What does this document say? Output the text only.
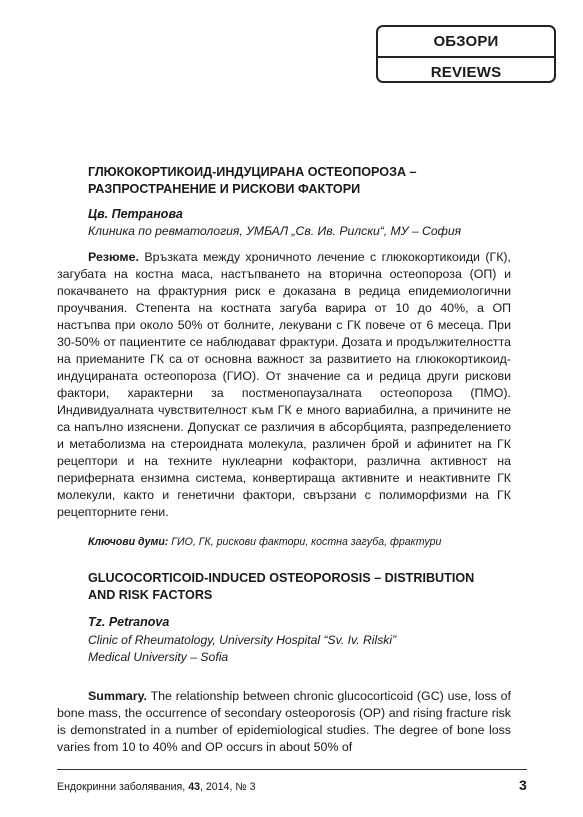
ОБЗОРИ
REVIEWS
ГЛЮКОКОРТИКОИД-ИНДУЦИРАНА ОСТЕОПОРОЗА –
РАЗПРОСТРАНЕНИЕ И РИСКОВИ ФАКТОРИ
Цв. Петранова
Клиника по ревматология, УМБАЛ „Св. Ив. Рилски“, МУ – София
Резюме. Връзката между хроничното лечение с глюкокортикоиди (ГК), загубата на костна маса, настъпването на вторична остеопороза (ОП) и покачването на фрактурния риск е доказана в редица епидемиологични проучвания. Степента на костната загуба варира от 10 до 40%, а ОП настъпва при около 50% от болните, лекувани с ГК повече от 6 месеца. При 30-50% от пациентите се наблюдават фрактури. Дозата и продължителността на приеманите ГК са от основна важност за развитието на глюкокортикоид-индуцираната остеопороза (ГИО). От значение са и редица други рискови фактори, характерни за постменопаузалната остеопороза (ПМО). Индивидуалната чувствителност към ГК е много вариабилна, а причините не са напълно изяснени. Допускат се различия в абсорбцията, разпределението и метаболизма на стероидната молекула, различен брой и афинитет на ГК рецептори и на техните нуклеарни кофактори, различна активност на периферната ензимна система, конвертираща активните и неактивните ГК молекули, както и генетични фактори, свързани с полиморфизми на ГК рецепторните гени.
Ключови думи: ГИО, ГК, рискови фактори, костна загуба, фрактури
GLUCOCORTICOID-INDUCED OSTEOPOROSIS – DISTRIBUTION
AND RISK FACTORS
Tz. Petranova
Clinic of Rheumatology, University Hospital “Sv. Iv. Rilski”
Medical University – Sofia
Summary. The relationship between chronic glucocorticoid (GC) use, loss of bone mass, the occurrence of secondary osteoporosis (OP) and rising fracture risk is demonstrated in a number of epidemiological studies. The degree of bone loss varies from 10 to 40% and OP occurs in about 50% of
Ендокринни заболявания, 43, 2014, № 3	3
